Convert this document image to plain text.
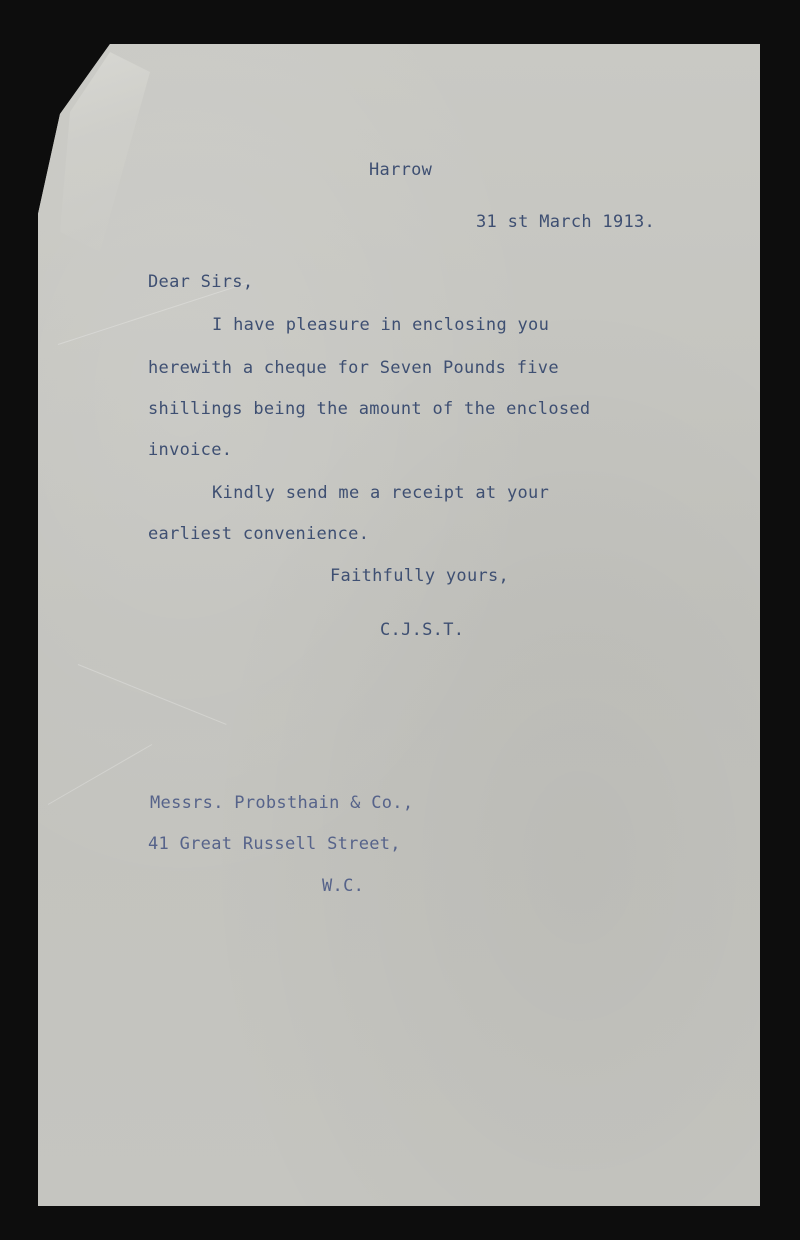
Harrow
31 st March 1913.
Dear Sirs,
I have pleasure in enclosing you
herewith a cheque for Seven Pounds five
shillings being the amount of the enclosed
invoice.
Kindly send me a receipt at your
earliest convenience.
Faithfully yours,
C.J.S.T.
Messrs. Probsthain & Co.,
41 Great Russell Street,
W.C.
